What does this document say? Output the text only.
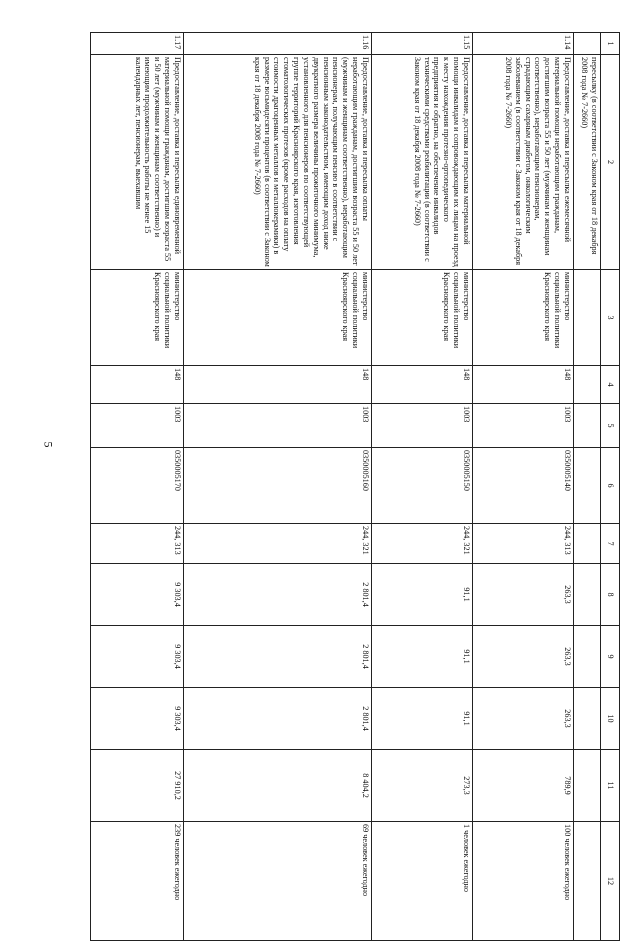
5
1	2	3	4	5	6	7	8	9	10	11	12
	пересылку (в соответствии с Законом края от 18 декабря 2008 года № 7-2660)										
1.14	Предоставление, доставка и пересылка ежемесячной материальной помощи неработающим гражданам, достигшим возраста 55 и 50 лет (мужчинам и женщинам соответственно), неработающим пенсионерам, страдающим сахарным диабетом, онкологическим заболеванием (в соответствии с Законом края от 18 декабря 2008 года № 7-2660)	министерство социальной политики Красноярского края	148	1003	0350005140	244, 313	263,3	263,3	263,3	789,9	100 человек ежегодно
1.15	Предоставление, доставка и пересылка материальной помощи инвалидам и сопровождающим их лицам на проезд к месту нахождения протезно-ортопедического предприятия и обратно, на обеспечение инвалидов техническими средствами реабилитации (в соответствии с Законом края от 18 декабря 2008 года № 7-2660)	министерство социальной политики Красноярского края	148	1003	0350005150	244, 321	91,1	91,1	91,1	273,3	1 человек ежегодно
1.16	Предоставление, доставка и пересылка оплаты неработающим гражданам, достигшим возраста 55 и 50 лет (мужчинам и женщинам соответственно), неработающим пенсионерам, получающим пенсию в соответствии с пенсионным законодательством, имеющим доход ниже двукратного размера величины прожиточного минимума, установленного для пенсионеров по соответствующей группе территорий Красноярского края, изготовления стоматологических протезов (кроме расходов на оплату стоимости драгоценных металлов и металлокерамики) в размере восьмидесяти процентов (в соответствии с Законом края от 18 декабря 2008 года № 7-2660)	министерство социальной политики Красноярского края	148	1003	0350005160	244, 321	2 801,4	2 801,4	2 801,4	8 404,2	69 человек ежегодно
1.17	Предоставление, доставка и пересылка единовременной материальной помощи гражданам, достигшим возраста 55 и 50 лет (мужчинам и женщинам соответственно) и имеющим продолжительность работы не менее 15 календарных лет, пенсионерам, выехавшим	министерство социальной политики Красноярского края	148	1003	0350005170	244, 313	9 303,4	9 303,4	9 303,4	27 910,2	239 человек ежегодно
